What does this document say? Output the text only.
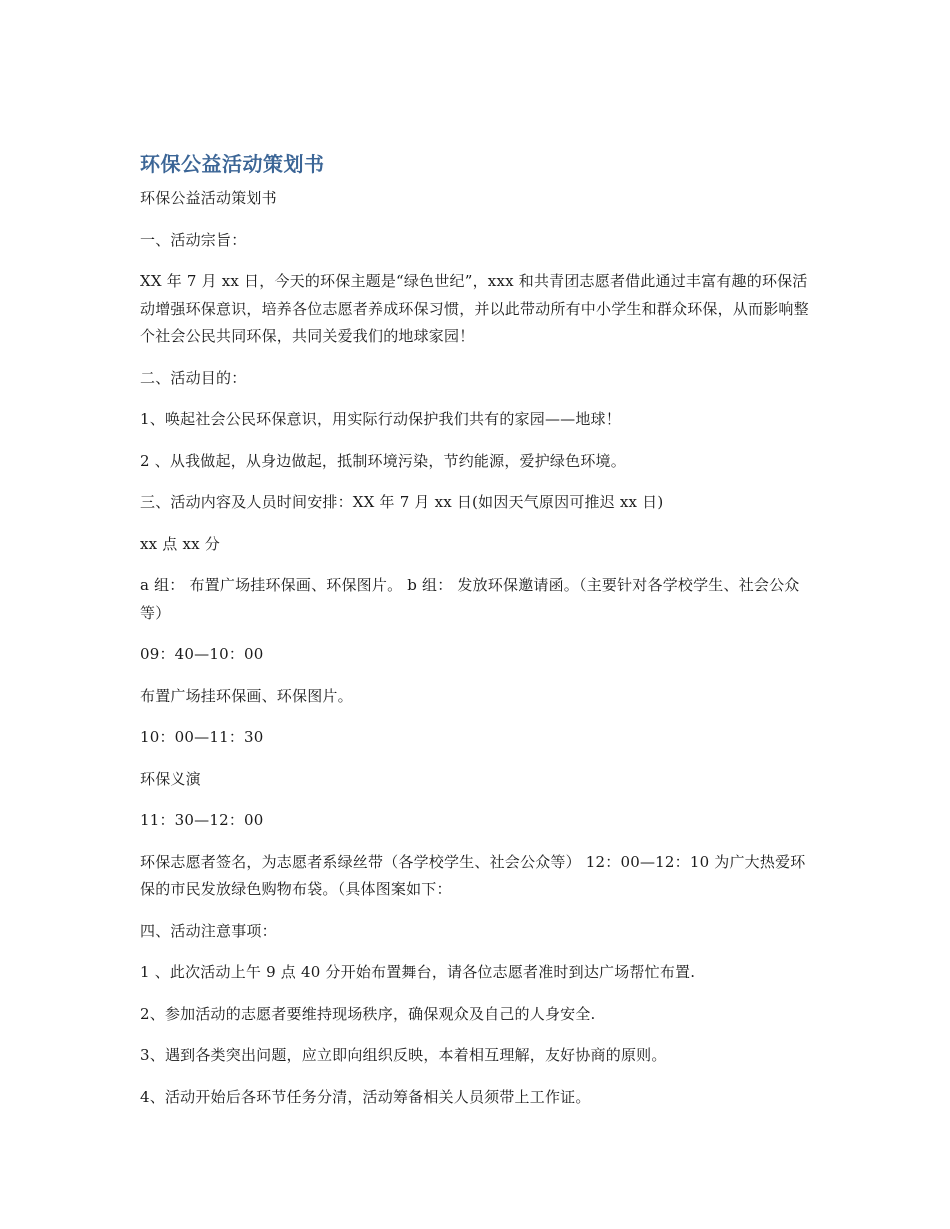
环保公益活动策划书

环保公益活动策划书

一、活动宗旨：

XX 年 7 月 xx 日，今天的环保主题是“绿色世纪”，xxx 和共青团志愿者借此通过丰富有趣的环保活动增强环保意识，培养各位志愿者养成环保习惯，并以此带动所有中小学生和群众环保，从而影响整个社会公民共同环保，共同关爱我们的地球家园！

二、活动目的：

1、唤起社会公民环保意识，用实际行动保护我们共有的家园——地球！

2 、从我做起，从身边做起，抵制环境污染，节约能源，爱护绿色环境。

三、活动内容及人员时间安排：XX 年 7 月 xx 日(如因天气原因可推迟 xx 日)

xx 点 xx 分

a 组： 布置广场挂环保画、环保图片。 b 组： 发放环保邀请函。（主要针对各学校学生、社会公众等）

09：40—10：00

布置广场挂环保画、环保图片。

10：00—11：30

环保义演

11：30—12：00

环保志愿者签名，为志愿者系绿丝带（各学校学生、社会公众等） 12：00—12：10 为广大热爱环保的市民发放绿色购物布袋。（具体图案如下：

四、活动注意事项：

1 、此次活动上午 9 点 40 分开始布置舞台，请各位志愿者准时到达广场帮忙布置.

2、参加活动的志愿者要维持现场秩序，确保观众及自己的人身安全.

3、遇到各类突出问题，应立即向组织反映，本着相互理解，友好协商的原则。

4、活动开始后各环节任务分清，活动筹备相关人员须带上工作证。
